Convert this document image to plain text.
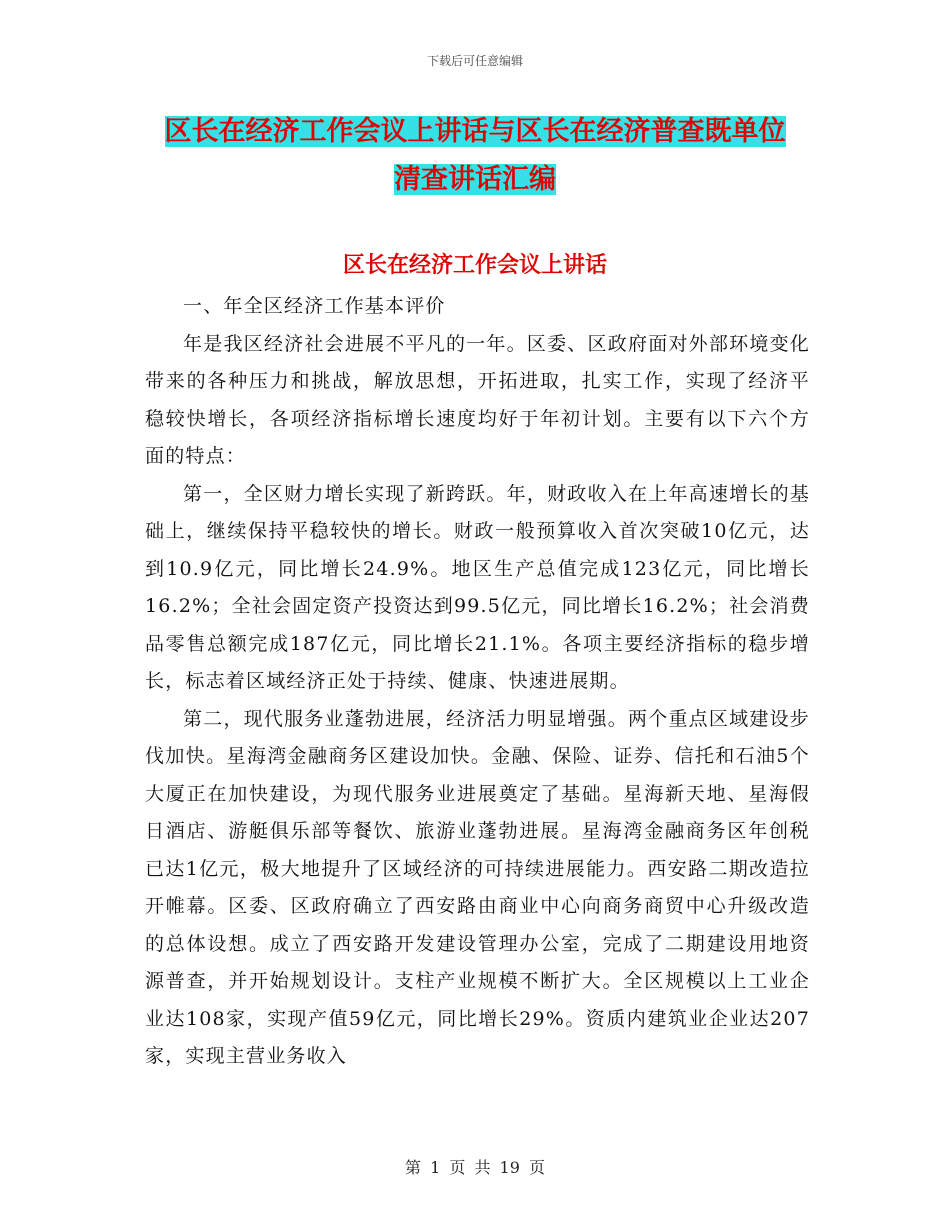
下载后可任意编辑
区长在经济工作会议上讲话与区长在经济普查既单位
清查讲话汇编
区长在经济工作会议上讲话

一、年全区经济工作基本评价

年是我区经济社会进展不平凡的一年。区委、区政府面对外部环境变化带来的各种压力和挑战，解放思想，开拓进取，扎实工作，实现了经济平稳较快增长，各项经济指标增长速度均好于年初计划。主要有以下六个方面的特点：

第一，全区财力增长实现了新跨跃。年，财政收入在上年高速增长的基础上，继续保持平稳较快的增长。财政一般预算收入首次突破10亿元，达到10.9亿元，同比增长24.9%。地区生产总值完成123亿元，同比增长16.2%；全社会固定资产投资达到99.5亿元，同比增长16.2%；社会消费品零售总额完成187亿元，同比增长21.1%。各项主要经济指标的稳步增长，标志着区域经济正处于持续、健康、快速进展期。

第二，现代服务业蓬勃进展，经济活力明显增强。两个重点区域建设步伐加快。星海湾金融商务区建设加快。金融、保险、证券、信托和石油5个大厦正在加快建设，为现代服务业进展奠定了基础。星海新天地、星海假日酒店、游艇俱乐部等餐饮、旅游业蓬勃进展。星海湾金融商务区年创税已达1亿元，极大地提升了区域经济的可持续进展能力。西安路二期改造拉开帷幕。区委、区政府确立了西安路由商业中心向商务商贸中心升级改造的总体设想。成立了西安路开发建设管理办公室，完成了二期建设用地资源普查，并开始规划设计。支柱产业规模不断扩大。全区规模以上工业企业达108家，实现产值59亿元，同比增长29%。资质内建筑业企业达207家，实现主营业务收入

第 1 页 共 19 页
